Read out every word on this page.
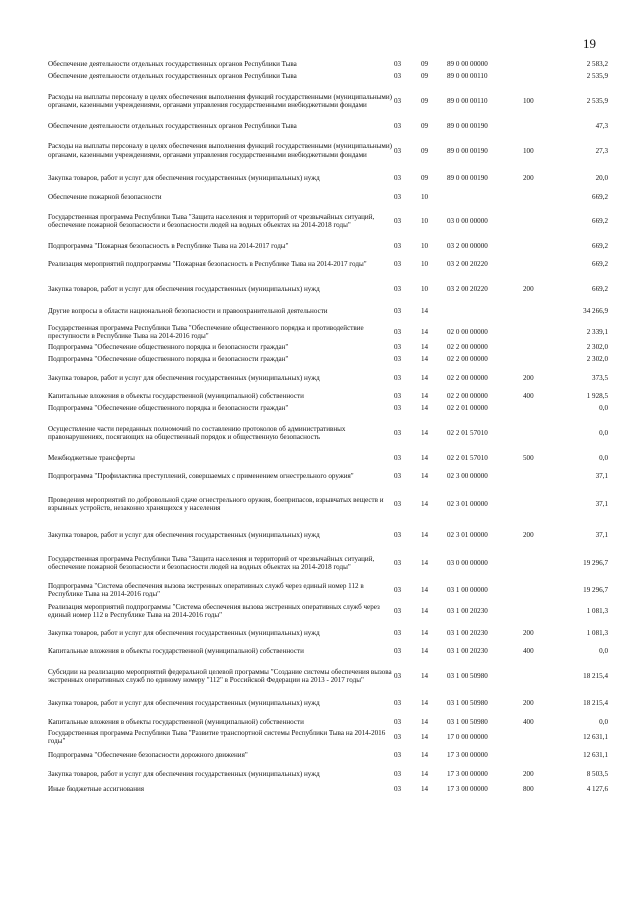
19
Обеспечение деятельности отдельных государственных органов Республики Тыва	03	09	89 0 00 00000	2 583,2
Обеспечение деятельности отдельных государственных органов Республики Тыва	03	09	89 0 00 00110	2 535,9
Расходы на выплаты персоналу в целях обеспечения выполнения функций государственными (муниципальными) органами, казенными учреждениями, органами управления государственными внебюджетными фондами
03	09	89 0 00 00110	100	2 535,9
Обеспечение деятельности отдельных государственных органов Республики Тыва	03	09	89 0 00 00190	47,3
Расходы на выплаты персоналу в целях обеспечения выполнения функций государственными (муниципальными) органами, казенными учреждениями, органами управления государственными внебюджетными фондами
03	09	89 0 00 00190	100	27,3
Закупка товаров, работ и услуг для обеспечения государственных (муниципальных) нужд	03	09	89 0 00 00190	200	20,0
Обеспечение пожарной безопасности	03	10	669,2
Государственная программа Республики Тыва "Защита населения и территорий от чрезвычайных ситуаций, обеспечение пожарной безопасности и безопасности людей на водных объектах на 2014-2018 годы"
03	10	03 0 00 00000	669,2
Подпрограмма "Пожарная безопасность в Республике Тыва на 2014-2017 годы"	03	10	03 2 00 00000	669,2
Реализация мероприятий подпрограммы "Пожарная безопасность в Республике Тыва на 2014-2017 годы"	03	10	03 2 00 20220	669,2
Закупка товаров, работ и услуг для обеспечения государственных (муниципальных) нужд	03	10	03 2 00 20220	200	669,2
Другие вопросы в области национальной безопасности и правоохранительной деятельности	03	14	34 266,9
Государственная программа Республики Тыва "Обеспечение общественного порядка и противодействие преступности в Республике Тыва на 2014-2016 годы"
03	14	02 0 00 00000	2 339,1
Подпрограмма "Обеспечение общественного порядка и безопасности граждан"	03	14	02 2 00 00000	2 302,0
Подпрограмма "Обеспечение общественного порядка и безопасности граждан"	03	14	02 2 00 00000	2 302,0
Закупка товаров, работ и услуг для обеспечения государственных (муниципальных) нужд	03	14	02 2 00 00000	200	373,5
Капитальные вложения в объекты государственной (муниципальной) собственности	03	14	02 2 00 00000	400	1 928,5
Подпрограмма "Обеспечение общественного порядка и безопасности граждан"	03	14	02 2 01 00000	0,0
Осуществление части переданных полномочий по составлению протоколов об административных правонарушениях, посягающих на общественный порядок и общественную безопасность
03	14	02 2 01 57010	0,0
Межбюджетные трансферты	03	14	02 2 01 57010	500	0,0
Подпрограмма "Профилактика преступлений, совершаемых с применением огнестрельного оружия"	03	14	02 3 00 00000	37,1
Проведения мероприятий по добровольной сдаче огнестрельного оружия, боеприпасов, взрывчатых веществ и взрывных устройств, незаконно хранящихся у населения
03	14	02 3 01 00000	37,1
Закупка товаров, работ и услуг для обеспечения государственных (муниципальных) нужд	03	14	02 3 01 00000	200	37,1
Государственная программа Республики Тыва "Защита населения и территорий от чрезвычайных ситуаций, обеспечение пожарной безопасности и безопасности людей на водных объектах на 2014-2018 годы"
03	14	03 0 00 00000	19 296,7
Подпрограмма "Система обеспечения вызова экстренных оперативных служб через единый номер 112 в Республике Тыва на 2014-2016 годы"
03	14	03 1 00 00000	19 296,7
Реализация мероприятий подпрограммы "Система обеспечения вызова экстренных оперативных служб через единый номер 112 в Республике Тыва на 2014-2016 годы"
03	14	03 1 00 20230	1 081,3
Закупка товаров, работ и услуг для обеспечения государственных (муниципальных) нужд	03	14	03 1 00 20230	200	1 081,3
Капитальные вложения в объекты государственной (муниципальной) собственности	03	14	03 1 00 20230	400	0,0
Субсидии на реализацию мероприятий федеральной целевой программы "Создание системы обеспечения вызова экстренных оперативных служб по единому номеру "112" в Российской Федерации на 2013 - 2017 годы"
03	14	03 1 00 50980	18 215,4
Закупка товаров, работ и услуг для обеспечения государственных (муниципальных) нужд	03	14	03 1 00 50980	200	18 215,4
Капитальные вложения в объекты государственной (муниципальной) собственности	03	14	03 1 00 50980	400	0,0
Государственная программа Республики Тыва "Развитие транспортной системы Республики Тыва на 2014-2016 годы"
03	14	17 0 00 00000	12 631,1
Подпрограмма "Обеспечение безопасности дорожного движения"	03	14	17 3 00 00000	12 631,1
Закупка товаров, работ и услуг для обеспечения государственных (муниципальных) нужд	03	14	17 3 00 00000	200	8 503,5
Иные бюджетные ассигнования	03	14	17 3 00 00000	800	4 127,6
